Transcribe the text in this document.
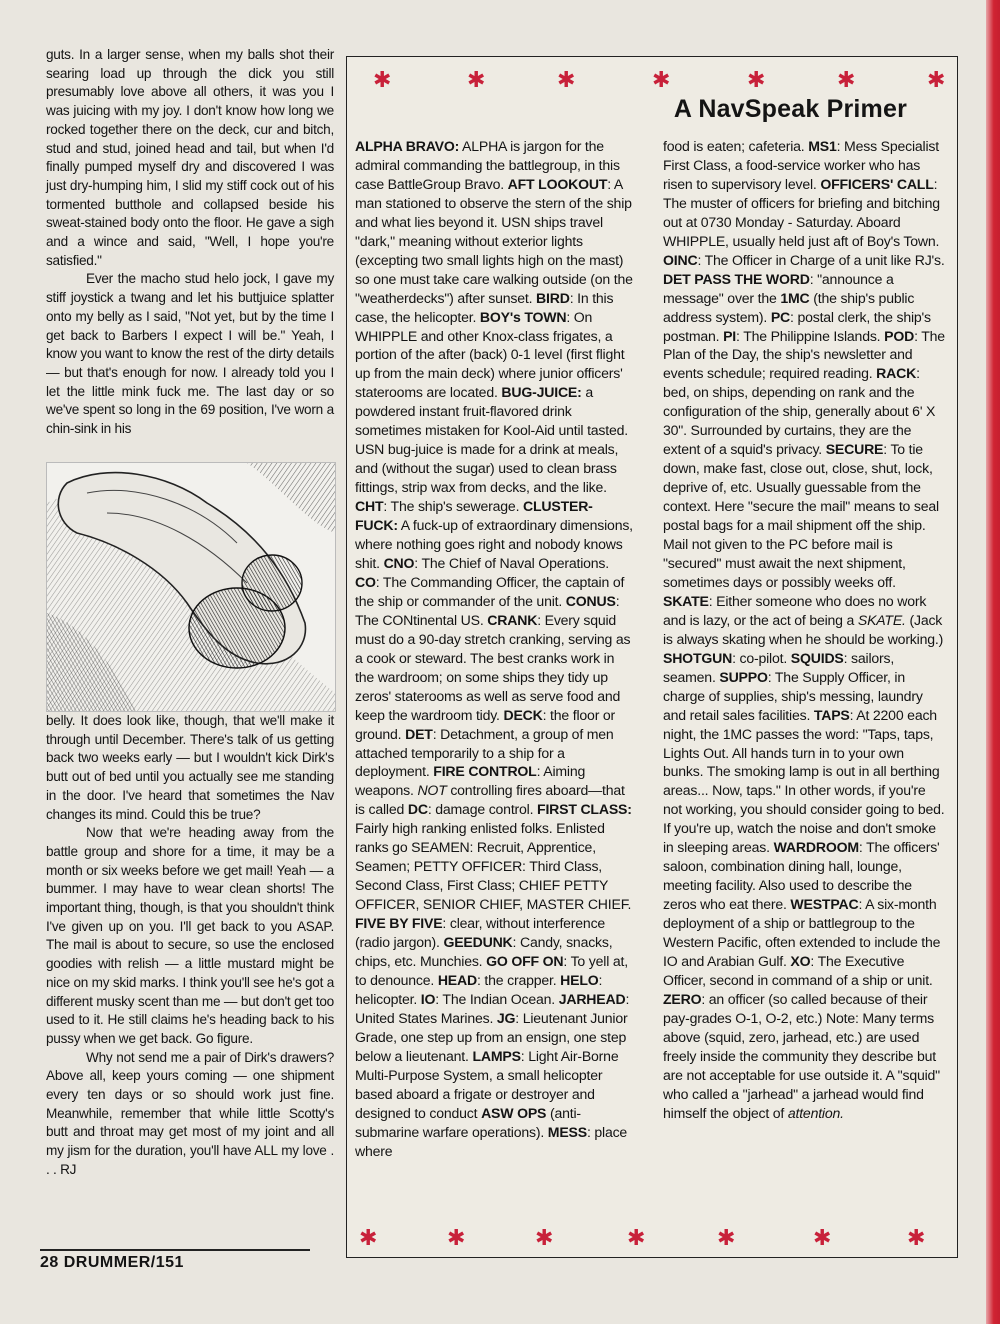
guts. In a larger sense, when my balls shot their searing load up through the dick you still presumably love above all others, it was you I was juicing with my joy. I don't know how long we rocked together there on the deck, cur and bitch, stud and stud, joined head and tail, but when I'd finally pumped myself dry and discovered I was just dry-humping him, I slid my stiff cock out of his tormented butthole and collapsed beside his sweat-stained body onto the floor. He gave a sigh and a wince and said, "Well, I hope you're satisfied."

Ever the macho stud helo jock, I gave my stiff joystick a twang and let his buttjuice splatter onto my belly as I said, "Not yet, but by the time I get back to Barbers I expect I will be." Yeah, I know you want to know the rest of the dirty details — but that's enough for now. I already told you I let the little mink fuck me. The last day or so we've spent so long in the 69 position, I've worn a chin-sink in his

belly. It does look like, though, that we'll make it through until December. There's talk of us getting back two weeks early — but I wouldn't kick Dirk's butt out of bed until you actually see me standing in the door. I've heard that sometimes the Nav changes its mind. Could this be true?

Now that we're heading away from the battle group and shore for a time, it may be a month or six weeks before we get mail! Yeah — a bummer. I may have to wear clean shorts! The important thing, though, is that you shouldn't think I've given up on you. I'll get back to you ASAP. The mail is about to secure, so use the enclosed goodies with relish — a little mustard might be nice on my skid marks. I think you'll see he's got a different musky scent than me — but don't get too used to it. He still claims he's heading back to his pussy when we get back. Go figure.

Why not send me a pair of Dirk's drawers? Above all, keep yours coming — one shipment every ten days or so should work just fine. Meanwhile, remember that while little Scotty's butt and throat may get most of my joint and all my jism for the duration, you'll have ALL my love . . . RJ

28 DRUMMER/151
✱	✱	✱	✱	✱	✱	✱
A NavSpeak Primer

ALPHA BRAVO: ALPHA is jargon for the admiral commanding the battlegroup, in this case BattleGroup Bravo. AFT LOOKOUT: A man stationed to observe the stern of the ship and what lies beyond it. USN ships travel "dark," meaning without exterior lights (excepting two small lights high on the mast) so one must take care walking outside (on the "weatherdecks") after sunset. BIRD: In this case, the helicopter. BOY's TOWN: On WHIPPLE and other Knox-class frigates, a portion of the after (back) 0-1 level (first flight up from the main deck) where junior officers' staterooms are located. BUG-JUICE: a powdered instant fruit-flavored drink sometimes mistaken for Kool-Aid until tasted. USN bug-juice is made for a drink at meals, and (without the sugar) used to clean brass fittings, strip wax from decks, and the like. CHT: The ship's sewerage. CLUSTER-FUCK: A fuck-up of extraordinary dimensions, where nothing goes right and nobody knows shit. CNO: The Chief of Naval Operations. CO: The Commanding Officer, the captain of the ship or commander of the unit. CONUS: The CONtinental US. CRANK: Every squid must do a 90-day stretch cranking, serving as a cook or steward. The best cranks work in the wardroom; on some ships they tidy up zeros' staterooms as well as serve food and keep the wardroom tidy. DECK: the floor or ground. DET: Detachment, a group of men attached temporarily to a ship for a deployment. FIRE CONTROL: Aiming weapons. NOT controlling fires aboard—that is called DC: damage control. FIRST CLASS: Fairly high ranking enlisted folks. Enlisted ranks go SEAMEN: Recruit, Apprentice, Seamen; PETTY OFFICER: Third Class, Second Class, First Class; CHIEF PETTY OFFICER, SENIOR CHIEF, MASTER CHIEF. FIVE BY FIVE: clear, without interference (radio jargon). GEEDUNK: Candy, snacks, chips, etc. Munchies. GO OFF ON: To yell at, to denounce. HEAD: the crapper. HELO: helicopter. IO: The Indian Ocean. JARHEAD: United States Marines. JG: Lieutenant Junior Grade, one step up from an ensign, one step below a lieutenant. LAMPS: Light Air-Borne Multi-Purpose System, a small helicopter based aboard a frigate or destroyer and designed to conduct ASW OPS (anti-submarine warfare operations). MESS: place where

food is eaten; cafeteria. MS1: Mess Specialist First Class, a food-service worker who has risen to supervisory level. OFFICERS' CALL: The muster of officers for briefing and bitching out at 0730 Monday - Saturday. Aboard WHIPPLE, usually held just aft of Boy's Town. OINC: The Officer in Charge of a unit like RJ's. DET PASS THE WORD: "announce a message" over the 1MC (the ship's public address system). PC: postal clerk, the ship's postman. PI: The Philippine Islands. POD: The Plan of the Day, the ship's newsletter and events schedule; required reading. RACK: bed, on ships, depending on rank and the configuration of the ship, generally about 6' X 30". Surrounded by curtains, they are the extent of a squid's privacy. SECURE: To tie down, make fast, close out, close, shut, lock, deprive of, etc. Usually guessable from the context. Here "secure the mail" means to seal postal bags for a mail shipment off the ship. Mail not given to the PC before mail is "secured" must await the next shipment, sometimes days or possibly weeks off. SKATE: Either someone who does no work and is lazy, or the act of being a SKATE. (Jack is always skating when he should be working.) SHOTGUN: co-pilot. SQUIDS: sailors, seamen. SUPPO: The Supply Officer, in charge of supplies, ship's messing, laundry and retail sales facilities. TAPS: At 2200 each night, the 1MC passes the word: "Taps, taps, Lights Out. All hands turn in to your own bunks. The smoking lamp is out in all berthing areas... Now, taps." In other words, if you're not working, you should consider going to bed. If you're up, watch the noise and don't smoke in sleeping areas. WARDROOM: The officers' saloon, combination dining hall, lounge, meeting facility. Also used to describe the zeros who eat there. WESTPAC: A six-month deployment of a ship or battlegroup to the Western Pacific, often extended to include the IO and Arabian Gulf. XO: The Executive Officer, second in command of a ship or unit. ZERO: an officer (so called because of their pay-grades O-1, O-2, etc.) Note: Many terms above (squid, zero, jarhead, etc.) are used freely inside the community they describe but are not acceptable for use outside it. A "squid" who called a "jarhead" a jarhead would find himself the object of attention.

✱	✱	✱	✱	✱	✱	✱
